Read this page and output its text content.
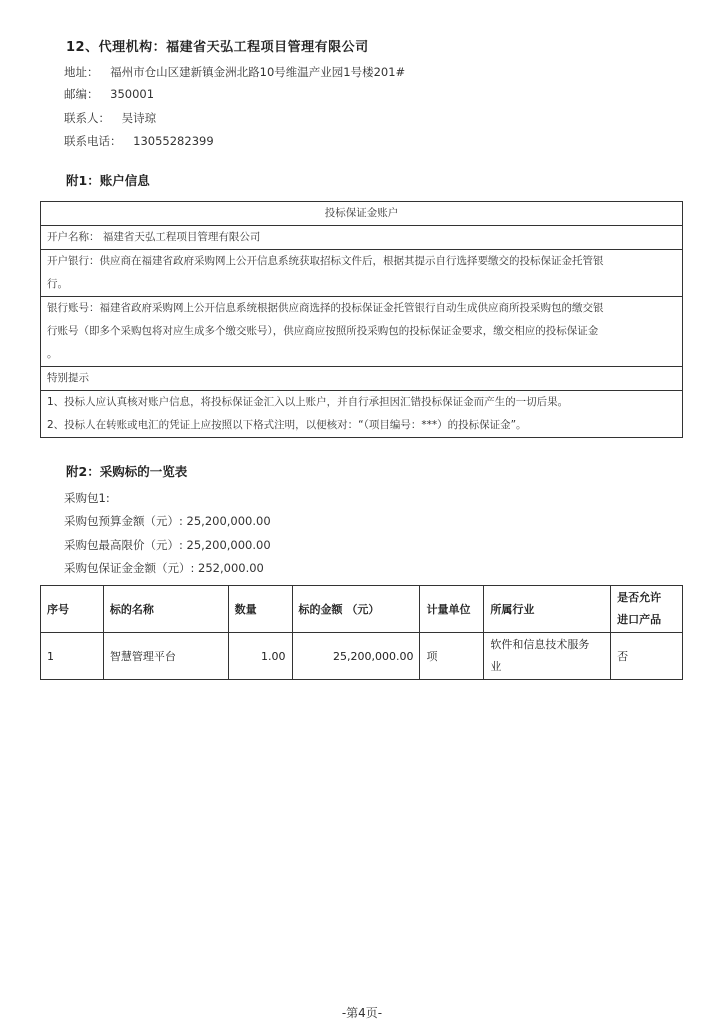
12、代理机构：福建省天弘工程项目管理有限公司
地址： 福州市仓山区建新镇金洲北路10号维温产业园1号楼201#
邮编： 350001
联系人： 吴诗琼
联系电话： 13055282399
附1：账户信息
投标保证金账户
开户名称： 福建省天弘工程项目管理有限公司

开户银行：供应商在福建省政府采购网上公开信息系统获取招标文件后，根据其提示自行选择要缴交的投标保证金托管银
行。

银行账号：福建省政府采购网上公开信息系统根据供应商选择的投标保证金托管银行自动生成供应商所投采购包的缴交银
行账号（即多个采购包将对应生成多个缴交账号），供应商应按照所投采购包的投标保证金要求，缴交相应的投标保证金
。

特别提示

1、投标人应认真核对账户信息，将投标保证金汇入以上账户，并自行承担因汇错投标保证金而产生的一切后果。
2、投标人在转账或电汇的凭证上应按照以下格式注明，以便核对：“（项目编号：***）的投标保证金”。
附2：采购标的一览表
采购包1:
采购包预算金额（元）: 25,200,000.00
采购包最高限价（元）: 25,200,000.00
采购包保证金金额（元）: 252,000.00
序号	标的名称	数量	标的金额 （元）	计量单位	所属行业	是否允许
进口产品

1	智慧管理平台	1.00	25,200,000.00	项	软件和信息技术服务
业	否
-第4页-
